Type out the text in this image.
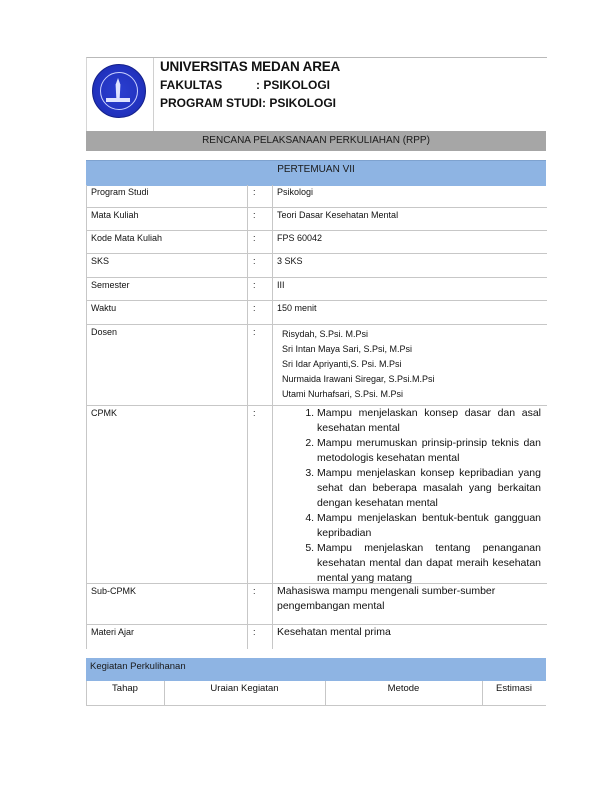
UNIVERSITAS MEDAN AREA
FAKULTAS	: PSIKOLOGI
PROGRAM STUDI: PSIKOLOGI
RENCANA PELAKSANAAN PERKULIAHAN (RPP)
PERTEMUAN VII
Program Studi	: Psikologi
Mata Kuliah	: Teori Dasar Kesehatan Mental
Kode Mata Kuliah	: FPS 60042
SKS	: 3 SKS
Semester	: III
Waktu	: 150 menit
Dosen	:	Risydah, S.Psi. M.Psi
Sri Intan Maya Sari, S.Psi, M.Psi
Sri Idar Apriyanti,S. Psi. M.Psi
Nurmaida Irawani Siregar, S.Psi.M.Psi
Utami Nurhafsari, S.Psi. M.Psi
CPMK	:	1. Mampu menjelaskan konsep dasar dan asal kesehatan mental
2. Mampu merumuskan prinsip-prinsip teknis dan metodologis kesehatan mental
3. Mampu menjelaskan konsep kepribadian yang sehat dan beberapa masalah yang berkaitan dengan kesehatan mental
4. Mampu menjelaskan bentuk-bentuk gangguan kepribadian
5. Mampu menjelaskan tentang penanganan kesehatan mental dan dapat meraih kesehatan mental yang matang
Sub-CPMK	: Mahasiswa mampu mengenali sumber-sumber pengembangan mental
Materi Ajar	: Kesehatan mental prima
Kegiatan Perkulihanan
Tahap	Uraian Kegiatan	Metode	Estimasi
